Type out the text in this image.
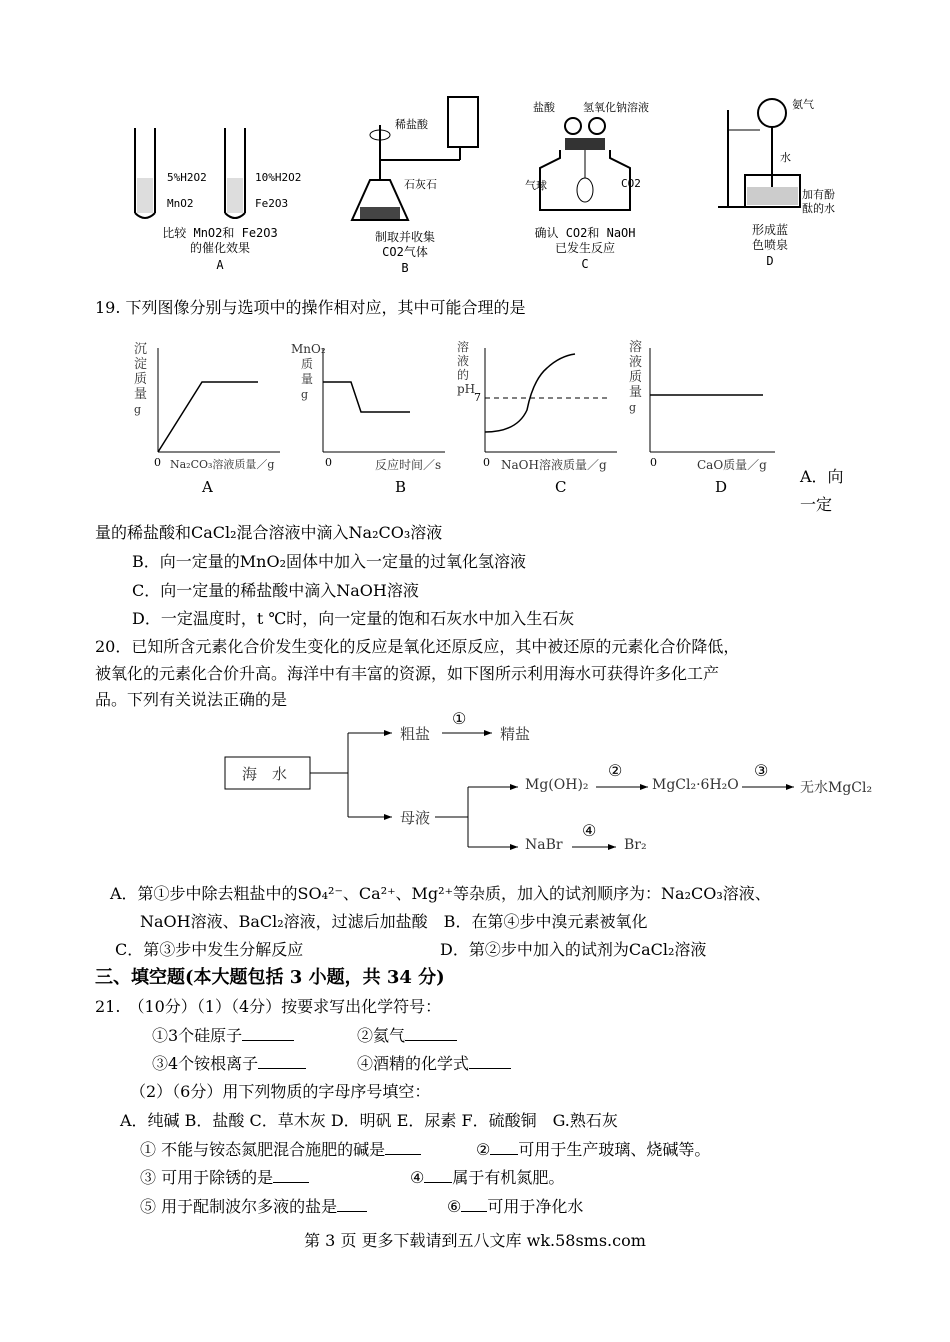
5%H2O2
MnO2
10%H2O2
Fe2O3
比较 MnO2和 Fe2O3
的催化效果
A
稀盐酸
石灰石
制取并收集
CO2气体
B
盐酸	氢氧化钠溶液
气球	CO2
确认 CO2和 NaOH
已发生反应
C
氨气
水
加有酚
酞的水
形成蓝
色喷泉
D
19. 下列图像分别与选项中的操作相对应，其中可能合理的是
沉
淀
质
量
g
0 Na₂CO₃溶液质量／g
A
MnO₂
质
量
g
0	反应时间／s
B
溶
液
的
pH
7
0 NaOH溶液质量／g
C
溶
液
质
量
g
0	CaO质量／g
D
A．向
一定
量的稀盐酸和CaCl₂混合溶液中滴入Na₂CO₃溶液
B．向一定量的MnO₂固体中加入一定量的过氧化氢溶液
C．向一定量的稀盐酸中滴入NaOH溶液
D．一定温度时，t ℃时，向一定量的饱和石灰水中加入生石灰
20．已知所含元素化合价发生变化的反应是氧化还原反应，其中被还原的元素化合价降低，
被氧化的元素化合价升高。海洋中有丰富的资源，如下图所示利用海水可获得许多化工产
品。下列有关说法正确的是
海　水
粗盐
①
精盐
母液
Mg(OH)₂
②
MgCl₂·6H₂O
③
无水MgCl₂
NaBr
④
Br₂
A．第①步中除去粗盐中的SO₄²⁻、Ca²⁺、Mg²⁺等杂质，加入的试剂顺序为：Na₂CO₃溶液、
NaOH溶液、BaCl₂溶液，过滤后加盐酸　B．在第④步中溴元素被氧化
C．第③步中发生分解反应	D．第②步中加入的试剂为CaCl₂溶液
三、填空题(本大题包括 3 小题，共 34 分)
21.　（10分）（1）（4分）按要求写出化学符号：
①3个硅原子	②氦气
③4个铵根离子	④酒精的化学式
（2）（6分）用下列物质的字母序号填空：
A．纯碱 B．盐酸 C．草木灰 D．明矾 E．尿素 F．硫酸铜　G.熟石灰
① 不能与铵态氮肥混合施肥的碱是	② 可用于生产玻璃、烧碱等。
③ 可用于除锈的是	④ 属于有机氮肥。
⑤ 用于配制波尔多液的盐是	⑥ 可用于净化水
第 3 页 更多下载请到五八文库 wk.58sms.com
